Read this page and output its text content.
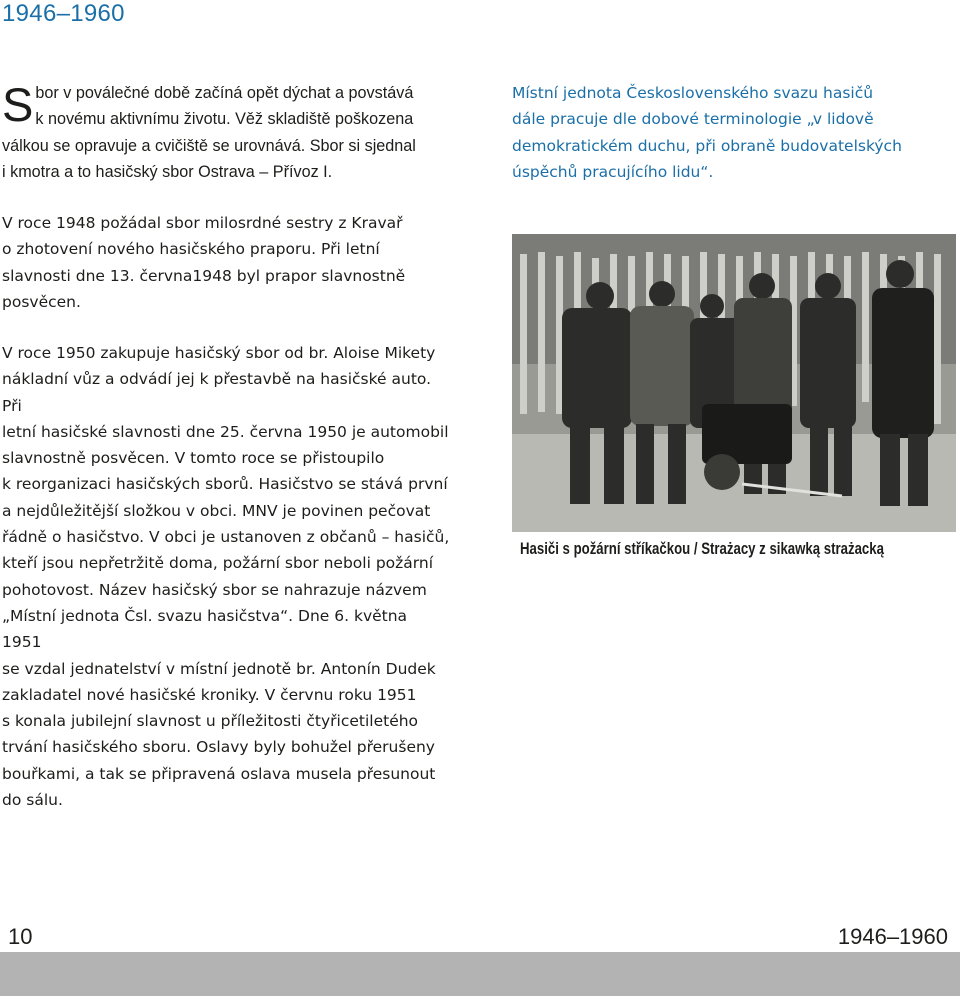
1946–1960
Sbor v poválečné době začíná opět dýchat a povstává
k novému aktivnímu životu. Věž skladiště poškozena
válkou se opravuje a cvičiště se urovnává. Sbor si sjednal
i kmotra a to hasičský sbor Ostrava – Přívoz I.
Místní jednota Československého svazu hasičů
dále pracuje dle dobové terminologie „v lidově
demokratickém duchu, při obraně budovatelských
úspěchů pracujícího lidu“.
V roce 1948 požádal sbor milosrdné sestry z Kravař
o zhotovení nového hasičského praporu. Při letní
slavnosti dne 13. června1948 byl prapor slavnostně
posvěcen.
V roce 1950 zakupuje hasičský sbor od br. Aloise Mikety
nákladní vůz a odvádí jej k přestavbě na hasičské auto. Při
letní hasičské slavnosti dne 25. června 1950 je automobil
slavnostně posvěcen. V tomto roce se přistoupilo
k reorganizaci hasičských sborů. Hasičstvo se stává první
a nejdůležitější složkou v obci. MNV je povinen pečovat
řádně o hasičstvo. V obci je ustanoven z občanů – hasičů,
kteří jsou nepřetržitě doma, požární sbor neboli požární
pohotovost. Název hasičský sbor se nahrazuje názvem
„Místní jednota Čsl. svazu hasičstva“. Dne 6. května 1951
se vzdal jednatelství v místní jednotě br. Antonín Dudek
zakladatel nové hasičské kroniky. V červnu roku 1951
s konala jubilejní slavnost u příležitosti čtyřicetiletého
trvání hasičského sboru. Oslavy byly bohužel přerušeny
bouřkami, a tak se připravená oslava musela přesunout
do sálu.
Hasiči s požární stříkačkou / Strażacy z sikawką strażacką
10	1946–1960
